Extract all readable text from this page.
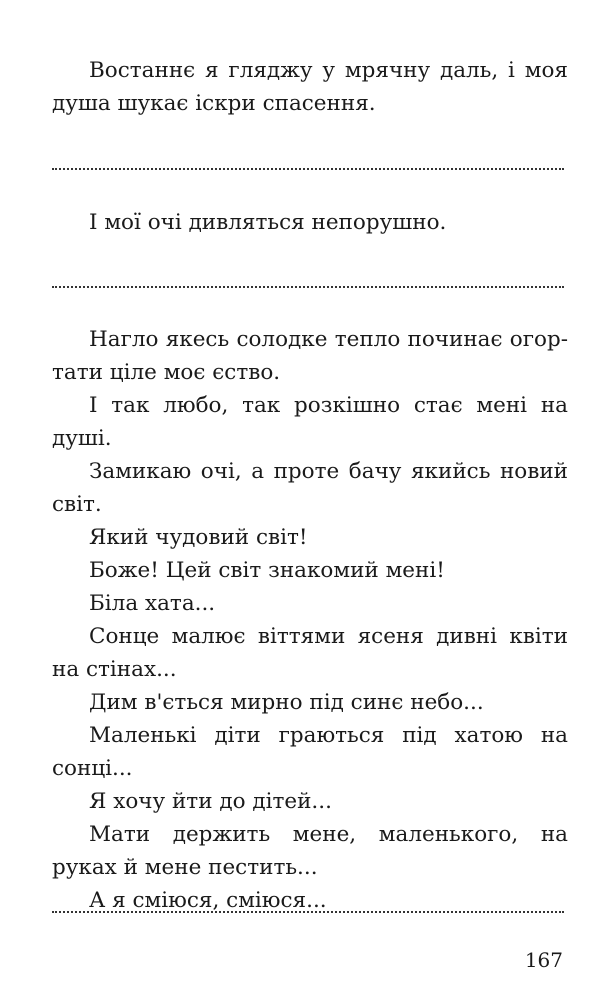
Востаннє я гляджу у мрячну даль, і моя душа шукає іскри спасення.

І мої очі дивляться непорушно.

Нагло якесь солодке тепло починає огортати ціле моє єство.

І так любо, так розкішно стає мені на душі.

Замикаю очі, а проте бачу якийсь новий світ.

Який чудовий світ!

Боже! Цей світ знакомий мені!

Біла хата...

Сонце малює віттями ясеня дивні квіти на стінах...

Дим в'ється мирно під синє небо...

Маленькі діти граються під хатою на сонці...

Я хочу йти до дітей...

Мати держить мене, маленького, на руках й мене пестить...

А я сміюся, сміюся...

167
